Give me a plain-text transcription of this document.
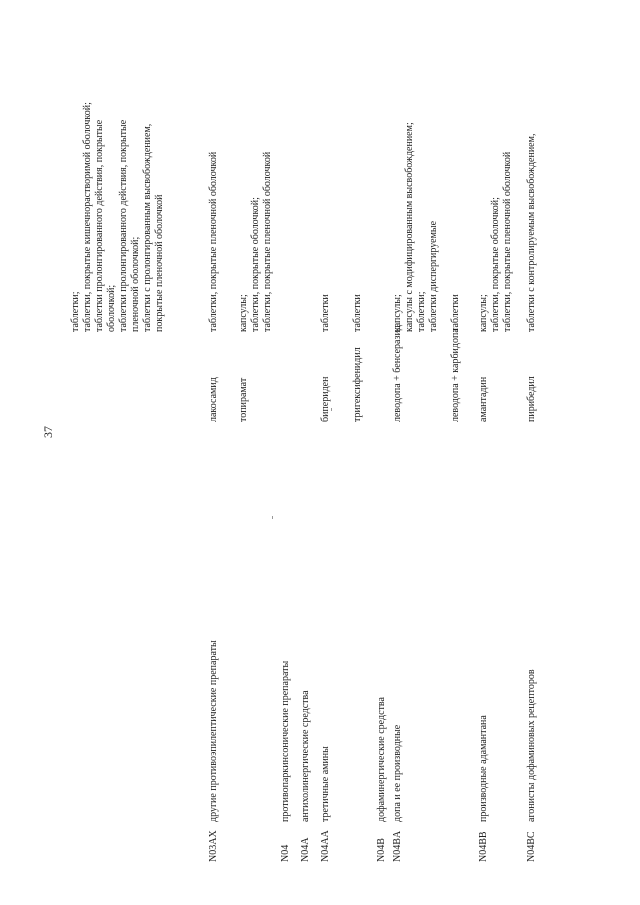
37
таблетки; таблетки, покрытые кишечнорастворимой оболочкой; таблетки пролонгированного действия, покрытые оболочкой; таблетки пролонгированного действия, покрытые пленочной оболочкой; таблетки с пролонгированным высвобождением, покрытые пленочной оболочкой
N03AX
другие противоэпилептические препараты
лакосамид
таблетки, покрытые пленочной оболочкой
топирамат
капсулы; таблетки, покрытые оболочкой; таблетки, покрытые пленочной оболочкой
N04
противопаркинсонические препараты
N04A
антихолинергические средства
N04AA
третичные амины
бипериден
таблетки
тригексифенидил
таблетки
N04B
дофаминергические средства
N04BA
допа и ее производные
леводопа + бенсеразид
капсулы; капсулы с модифицированным высвобождением; таблетки; таблетки диспергируемые
леводопа + карбидопа
таблетки
N04BB
производные адамантана
амантадин
капсулы; таблетки, покрытые оболочкой; таблетки, покрытые пленочной оболочкой
N04BC
агонисты дофаминовых рецепторов
пирибедил
таблетки с контролируемым высвобождением,
